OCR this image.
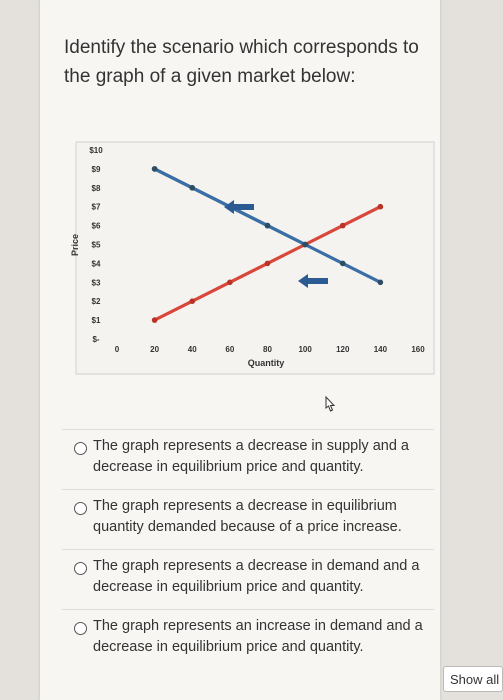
Identify the scenario which corresponds to
the graph of a given market below:
$-
$1
$2
$3
$4
$5
$6
$7
$8
$9
$10
0	20	40	60	80	100	120	140	160
Price
Quantity
The graph represents a decrease in supply and a
decrease in equilibrium price and quantity.
The graph represents a decrease in equilibrium
quantity demanded because of a price increase.
The graph represents a decrease in demand and a
decrease in equilibrium price and quantity.
The graph represents an increase in demand and a
decrease in equilibrium price and quantity.
Show all
